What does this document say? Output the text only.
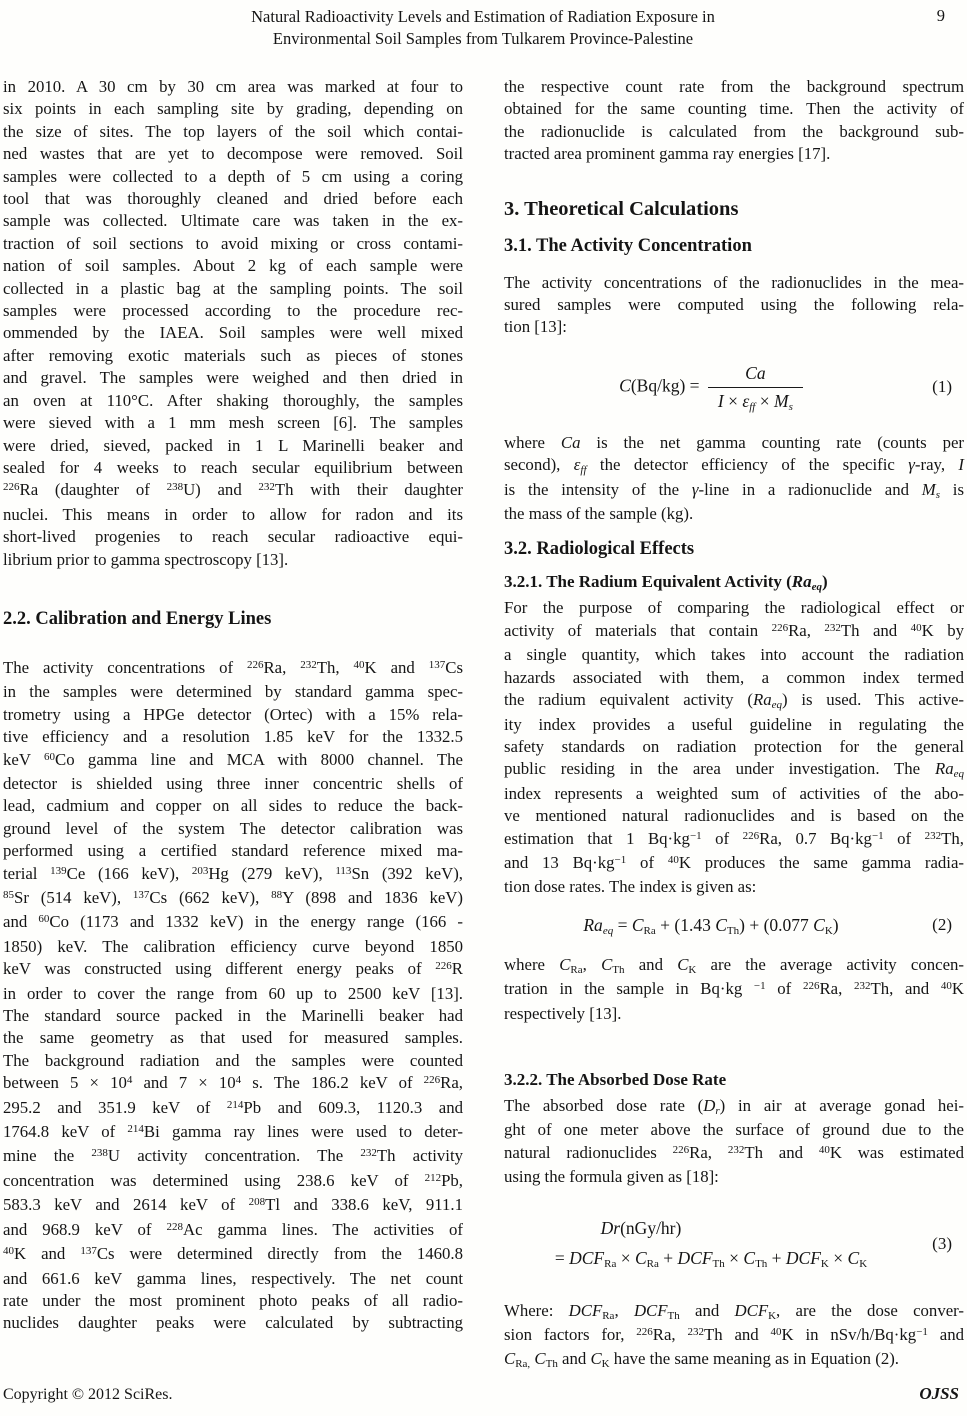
Natural Radioactivity Levels and Estimation of Radiation Exposure in
Environmental Soil Samples from Tulkarem Province-Palestine
9
in 2010. A 30 cm by 30 cm area was marked at four to
six points in each sampling site by grading, depending on
the size of sites. The top layers of the soil which contai-
ned wastes that are yet to decompose were removed. Soil
samples were collected to a depth of 5 cm using a coring
tool that was thoroughly cleaned and dried before each
sample was collected. Ultimate care was taken in the ex-
traction of soil sections to avoid mixing or cross contami-
nation of soil samples. About 2 kg of each sample were
collected in a plastic bag at the sampling points. The soil
samples were processed according to the procedure rec-
ommended by the IAEA. Soil samples were well mixed
after removing exotic materials such as pieces of stones
and gravel. The samples were weighed and then dried in
an oven at 110°C. After shaking thoroughly, the samples
were sieved with a 1 mm mesh screen [6]. The samples
were dried, sieved, packed in 1 L Marinelli beaker and
sealed for 4 weeks to reach secular equilibrium between
$^{226}$Ra (daughter of $^{238}$U) and $^{232}$Th with their daughter
nuclei. This means in order to allow for radon and its
short-lived progenies to reach secular radioactive equi-
librium prior to gamma spectroscopy [13].
2.2. Calibration and Energy Lines
The activity concentrations of $^{226}$Ra, $^{232}$Th, $^{40}$K and $^{137}$Cs
in the samples were determined by standard gamma spec-
trometry using a HPGe detector (Ortec) with a 15% rela-
tive efficiency and a resolution 1.85 keV for the 1332.5
keV $^{60}$Co gamma line and MCA with 8000 channel. The
detector is shielded using three inner concentric shells of
lead, cadmium and copper on all sides to reduce the back-
ground level of the system The detector calibration was
performed using a certified standard reference mixed ma-
terial $^{139}$Ce (166 keV), $^{203}$Hg (279 keV), $^{113}$Sn (392 keV),
$^{85}$Sr (514 keV), $^{137}$Cs (662 keV), $^{88}$Y (898 and 1836 keV)
and $^{60}$Co (1173 and 1332 keV) in the energy range (166 -
1850) keV. The calibration efficiency curve beyond 1850
keV was constructed using different energy peaks of $^{226}$R
in order to cover the range from 60 up to 2500 keV [13].
The standard source packed in the Marinelli beaker had
the same geometry as that used for measured samples.
The background radiation and the samples were counted
between $5 \times 10^4$ and $7 \times 10^4$ s. The 186.2 keV of $^{226}$Ra,
295.2 and 351.9 keV of $^{214}$Pb and 609.3, 1120.3 and
1764.8 keV of $^{214}$Bi gamma ray lines were used to deter-
mine the $^{238}$U activity concentration. The $^{232}$Th activity
concentration was determined using 238.6 keV of $^{212}$Pb,
583.3 keV and 2614 keV of $^{208}$Tl and 338.6 keV, 911.1
and 968.9 keV of $^{228}$Ac gamma lines. The activities of
$^{40}$K and $^{137}$Cs were determined directly from the 1460.8
and 661.6 keV gamma lines, respectively. The net count
rate under the most prominent photo peaks of all radio-
nuclides daughter peaks were calculated by subtracting
the respective count rate from the background spectrum
obtained for the same counting time. Then the activity of
the radionuclide is calculated from the background sub-
tracted area prominent gamma ray energies [17].
3. Theoretical Calculations
3.1. The Activity Concentration
The activity concentrations of the radionuclides in the mea-
sured samples were computed using the following rela-
tion [13]:
$C(Bq/kg) = \frac{Ca}{\text{I × εff × Ms}}$	(1)
where Ca is the net gamma counting rate (counts per
second), εff the detector efficiency of the specific γ-ray, I
is the intensity of the γ-line in a radionuclide and Ms is
the mass of the sample (kg).
3.2. Radiological Effects
3.2.1. The Radium Equivalent Activity (Raeq)
For the purpose of comparing the radiological effect or
activity of materials that contain $^{226}$Ra, $^{232}$Th and $^{40}$K by
a single quantity, which takes into account the radiation
hazards associated with them, a common index termed
the radium equivalent activity (Raeq) is used. This active-
ity index provides a useful guideline in regulating the
safety standards on radiation protection for the general
public residing in the area under investigation. The Raeq
index represents a weighted sum of activities of the abo-
ve mentioned natural radionuclides and is based on the
estimation that 1 $Bq\cdot kg^{-1}$ of $^{226}$Ra, 0.7 $Bq\cdot kg^{-1}$ of $^{232}$Th,
and 13 $Bq\cdot kg^{-1}$ of $^{40}$K produces the same gamma radia-
tion dose rates. The index is given as:
Raeq = CRa + (1.43 CTh) + (0.077 CK)	(2)
where CRa, CTh and CK are the average activity concen-
tration in the sample in Bq·kg $^{-1}$ of $^{226}$Ra, $^{232}$Th, and $^{40}$K
respectively [13].
3.2.2. The Absorbed Dose Rate
The absorbed dose rate (Dr) in air at average gonad hei-
ght of one meter above the surface of ground due to the
natural radionuclides $^{226}$Ra, $^{232}$Th and $^{40}$K was estimated
using the formula given as [18]:
Dr(nGy/hr)
= DCFRa × CRa + DCFTh × CTh + DCFK × CK
(3)
Where: DCFRa, DCFTh and DCFK, are the dose conver-
sion factors for, $^{226}$Ra, $^{232}$Th and $^{40}$K in nSv/$h/Bq\cdot kg^{-1}$ and
CRa, CTh and CK have the same meaning as in Equation (2).
Copyright © 2012 SciRes.	OJSS
